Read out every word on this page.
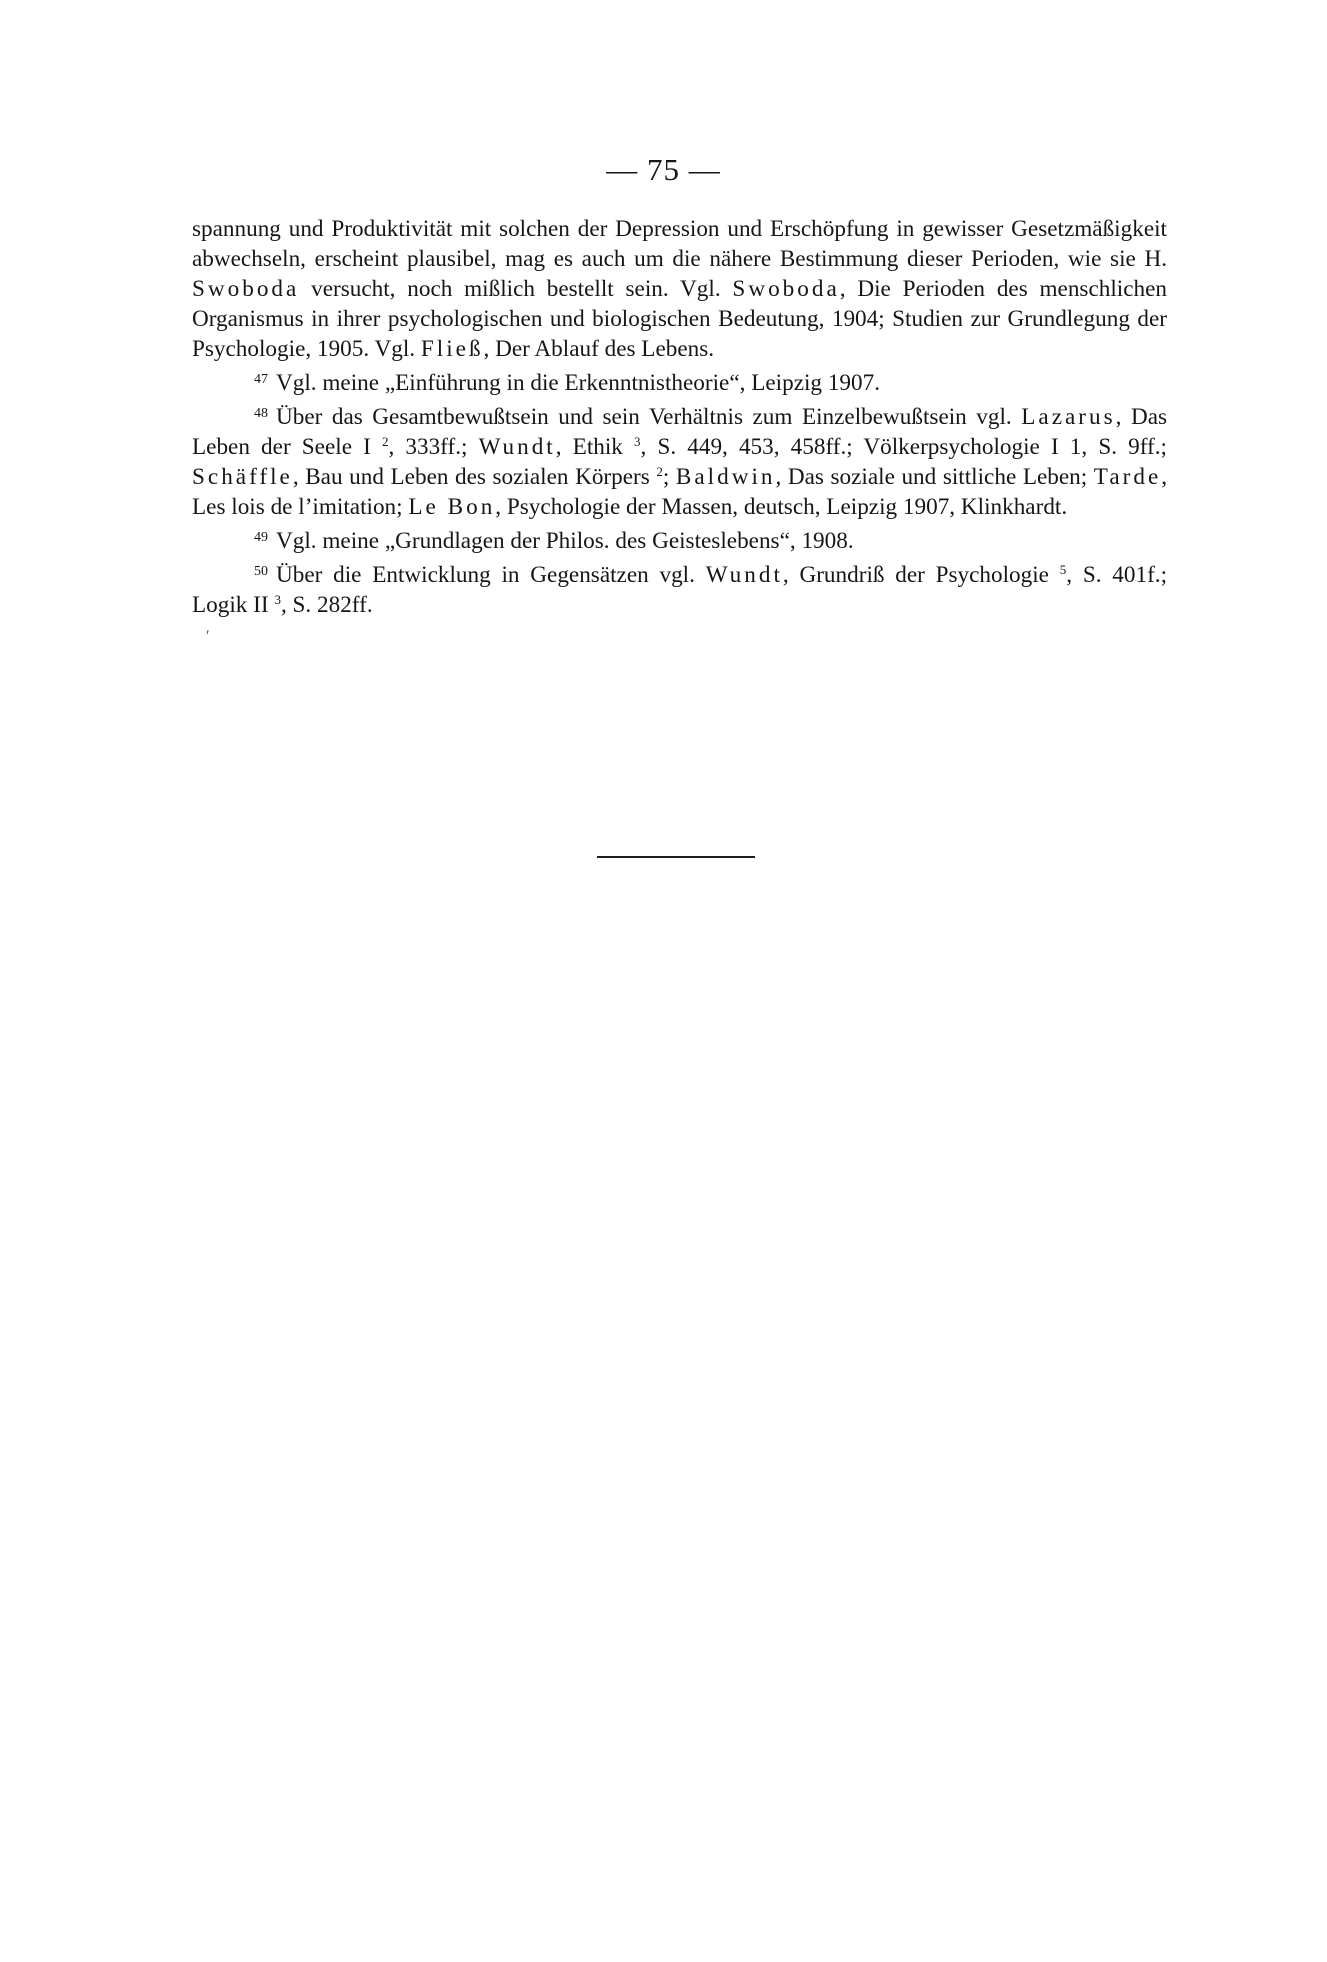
— 75 —
′

spannung und Produktivität mit solchen der Depression und Erschöpfung in gewisser Gesetzmäßigkeit abwechseln, erscheint plausibel, mag es auch um die nähere Bestimmung dieser Perioden, wie sie H. Swoboda versucht, noch mißlich bestellt sein. Vgl. Swoboda, Die Perioden des menschlichen Organismus in ihrer psychologischen und biologischen Bedeutung, 1904; Studien zur Grundlegung der Psychologie, 1905. Vgl. Fließ, Der Ablauf des Lebens.

$^{47}$ Vgl. meine „Einführung in die Erkenntnistheorie“, Leipzig 1907.

$^{48}$ Über das Gesamtbewußtsein und sein Verhältnis zum Einzelbewußtsein vgl. Lazarus, Das Leben der Seele I $^2$, 333ff.; Wundt, Ethik $^3$, S. 449, 453, 458ff.; Völkerpsychologie I 1, S. 9ff.; Schäffle, Bau und Leben des sozialen Körpers $^2$; Baldwin, Das soziale und sittliche Leben; Tarde, Les lois de l’imitation; Le Bon, Psychologie der Massen, deutsch, Leipzig 1907, Klinkhardt.

$^{49}$ Vgl. meine „Grundlagen der Philos. des Geisteslebens“, 1908.

$^{50}$ Über die Entwicklung in Gegensätzen vgl. Wundt, Grundriß der Psychologie $^5$, S. 401f.; Logik II $^3$, S. 282ff.
